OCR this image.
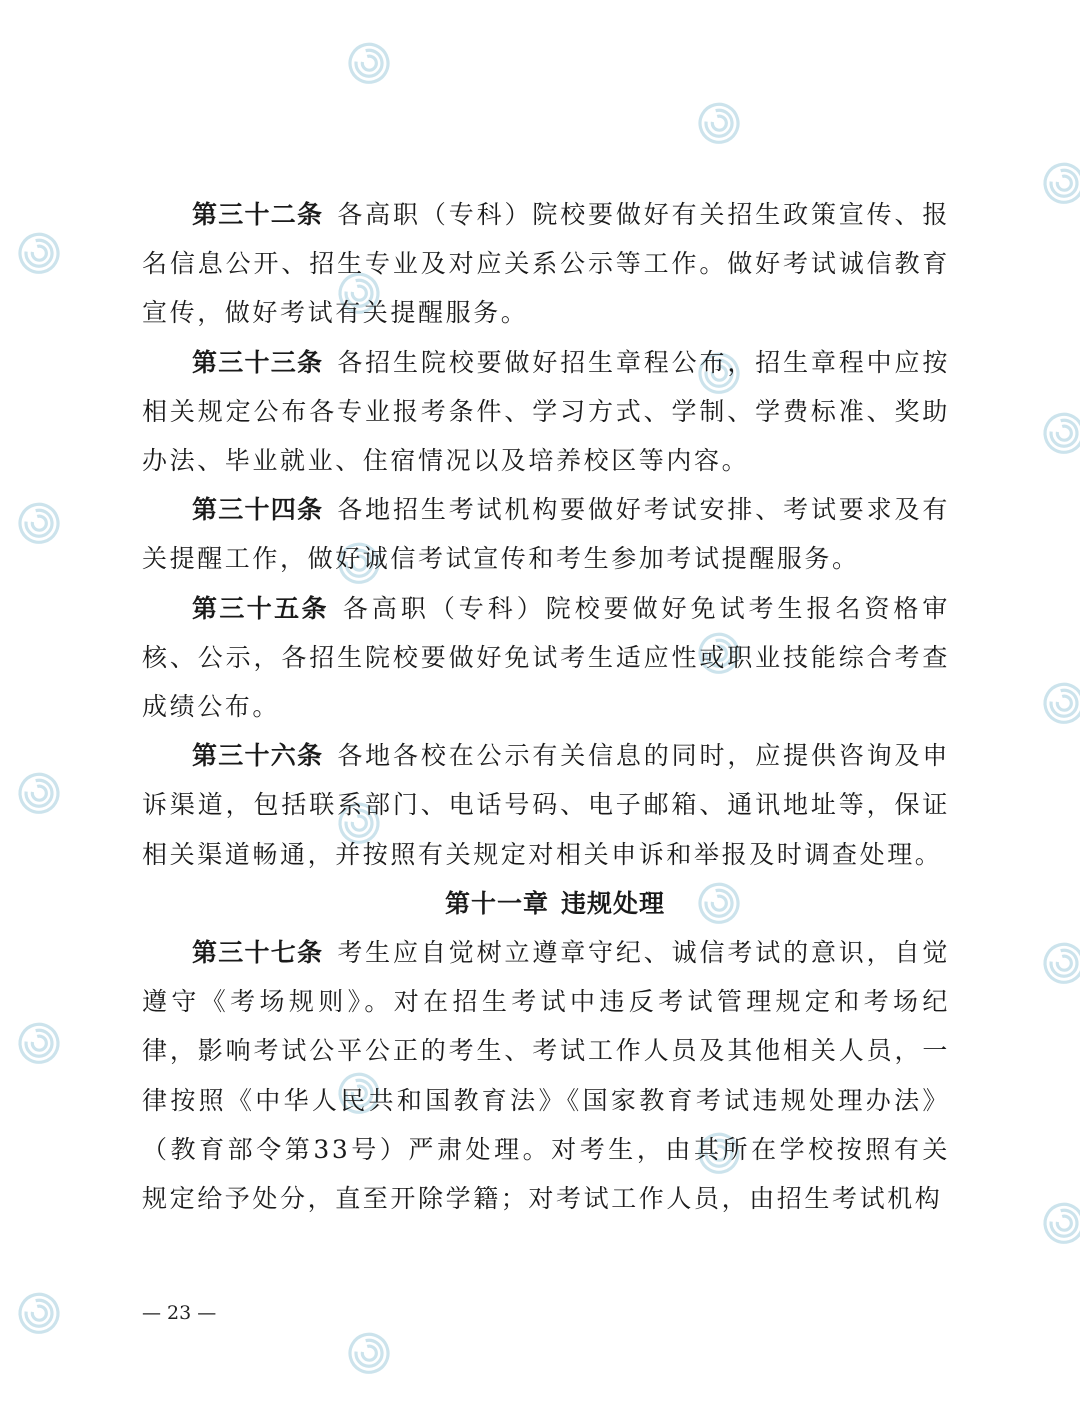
第三十二条 各高职（专科）院校要做好有关招生政策宣传、报名信息公开、招生专业及对应关系公示等工作。做好考试诚信教育宣传，做好考试有关提醒服务。

第三十三条 各招生院校要做好招生章程公布，招生章程中应按相关规定公布各专业报考条件、学习方式、学制、学费标准、奖助办法、毕业就业、住宿情况以及培养校区等内容。

第三十四条 各地招生考试机构要做好考试安排、考试要求及有关提醒工作，做好诚信考试宣传和考生参加考试提醒服务。

第三十五条 各高职（专科）院校要做好免试考生报名资格审核、公示，各招生院校要做好免试考生适应性或职业技能综合考查成绩公布。

第三十六条 各地各校在公示有关信息的同时，应提供咨询及申诉渠道，包括联系部门、电话号码、电子邮箱、通讯地址等，保证相关渠道畅通，并按照有关规定对相关申诉和举报及时调查处理。

第十一章 违规处理

第三十七条 考生应自觉树立遵章守纪、诚信考试的意识，自觉遵守《考场规则》。对在招生考试中违反考试管理规定和考场纪律，影响考试公平公正的考生、考试工作人员及其他相关人员，一律按照《中华人民共和国教育法》《国家教育考试违规处理办法》（教育部令第33号）严肃处理。对考生，由其所在学校按照有关规定给予处分，直至开除学籍；对考试工作人员，由招生考试机构

— 23 —
